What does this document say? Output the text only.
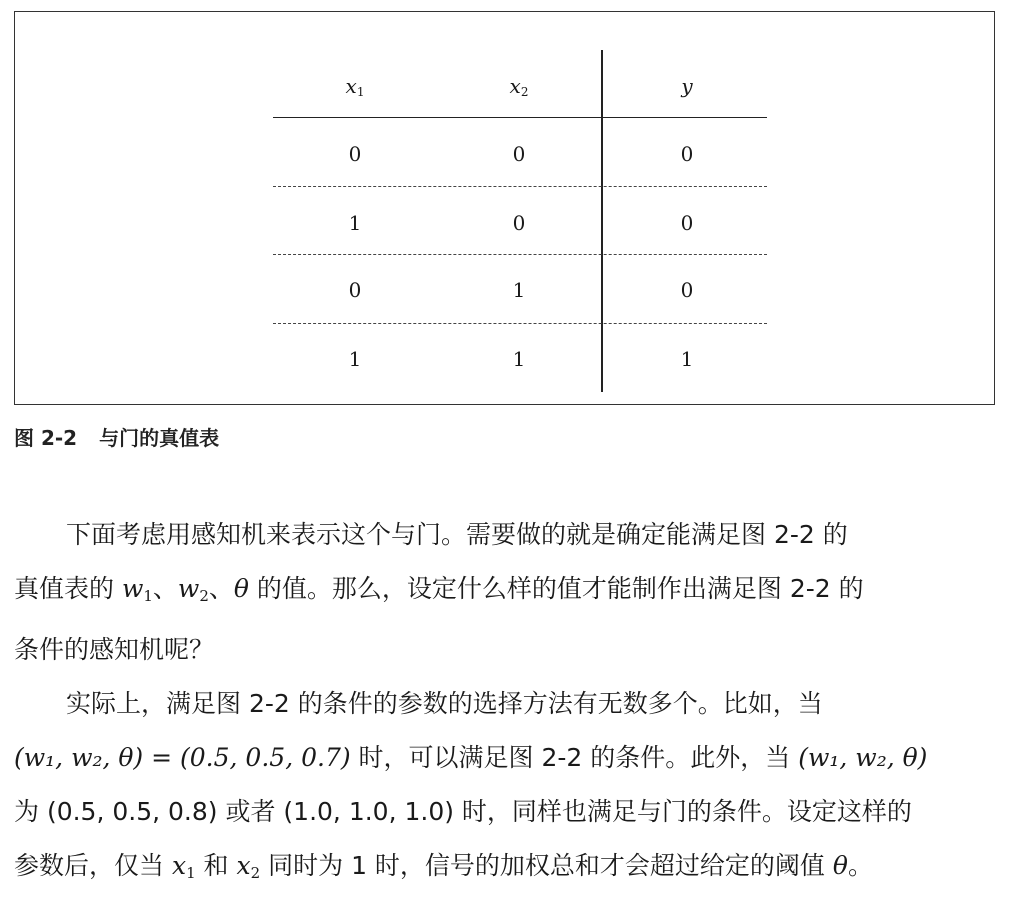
$x_1$	$x_2$	y
0	0	0
1	0	0
0	1	0
1	1	1
图 2-2 与门的真值表
下面考虑用感知机来表示这个与门。需要做的就是确定能满足图 2-2 的
真值表的 $w_1$、$w_2$、θ 的值。那么，设定什么样的值才能制作出满足图 2-2 的
条件的感知机呢？
实际上，满足图 2-2 的条件的参数的选择方法有无数多个。比如，当
(w₁, w₂, θ) = (0.5, 0.5, 0.7) 时，可以满足图 2-2 的条件。此外，当 (w₁, w₂, θ)
为 (0.5, 0.5, 0.8) 或者 (1.0, 1.0, 1.0) 时，同样也满足与门的条件。设定这样的
参数后，仅当 $x_1$ 和 $x_2$ 同时为 1 时，信号的加权总和才会超过给定的阈值 θ。
